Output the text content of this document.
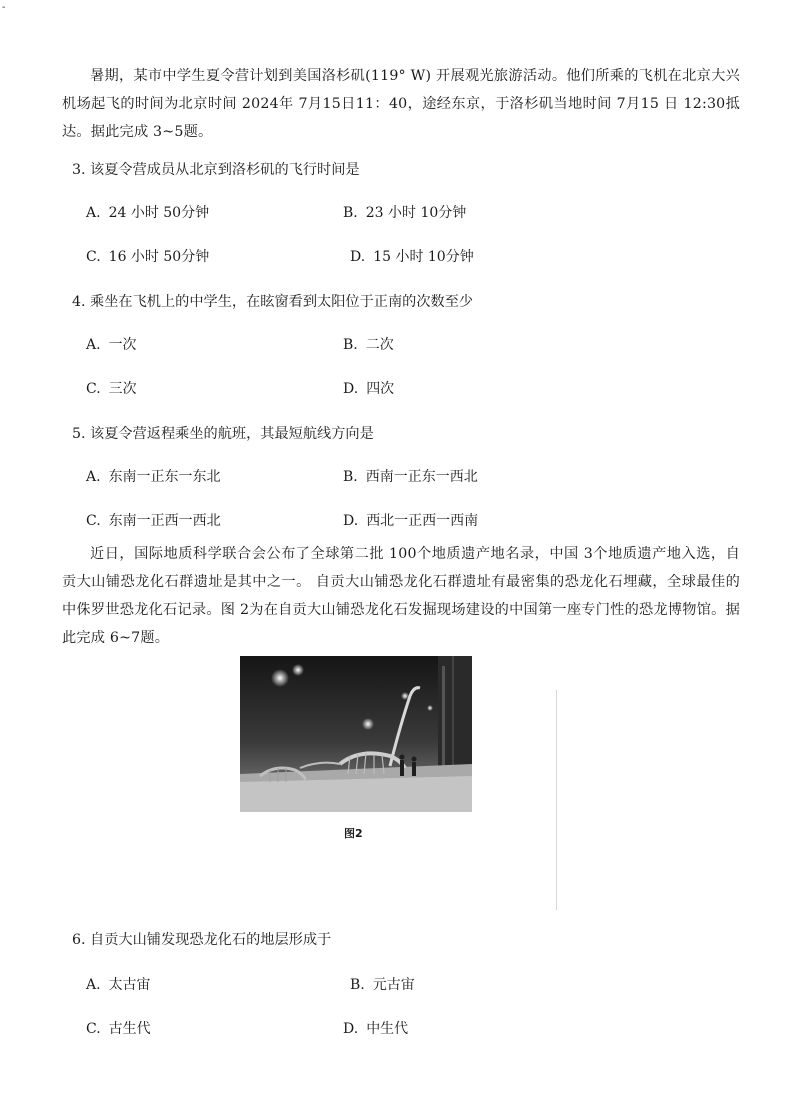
-
暑期，某市中学生夏令营计划到美国洛杉矶(119° W) 开展观光旅游活动。他们所乘的飞机在北京大兴机场起飞的时间为北京时间 2024年 7月15日11：40，途经东京，于洛杉矶当地时间 7月15 日 12:30抵达。据此完成 3~5题。
3. 该夏令营成员从北京到洛杉矶的飞行时间是
A. 24 小时 50分钟	B. 23 小时 10分钟
C. 16 小时 50分钟	D. 15 小时 10分钟
4. 乘坐在飞机上的中学生，在眩窗看到太阳位于正南的次数至少
A. 一次	B. 二次
C. 三次	D. 四次
5. 该夏令营返程乘坐的航班，其最短航线方向是
A. 东南一正东一东北	B. 西南一正东一西北
C. 东南一正西一西北	D. 西北一正西一西南
近日，国际地质科学联合会公布了全球第二批 100个地质遗产地名录，中国 3个地质遗产地入选，自贡大山铺恐龙化石群遗址是其中之一。 自贡大山铺恐龙化石群遗址有最密集的恐龙化石埋藏，全球最佳的中侏罗世恐龙化石记录。图 2为在自贡大山铺恐龙化石发掘现场建设的中国第一座专门性的恐龙博物馆。据此完成 6~7题。
图2
6. 自贡大山铺发现恐龙化石的地层形成于
A. 太古宙	B. 元古宙
C. 古生代	D. 中生代
